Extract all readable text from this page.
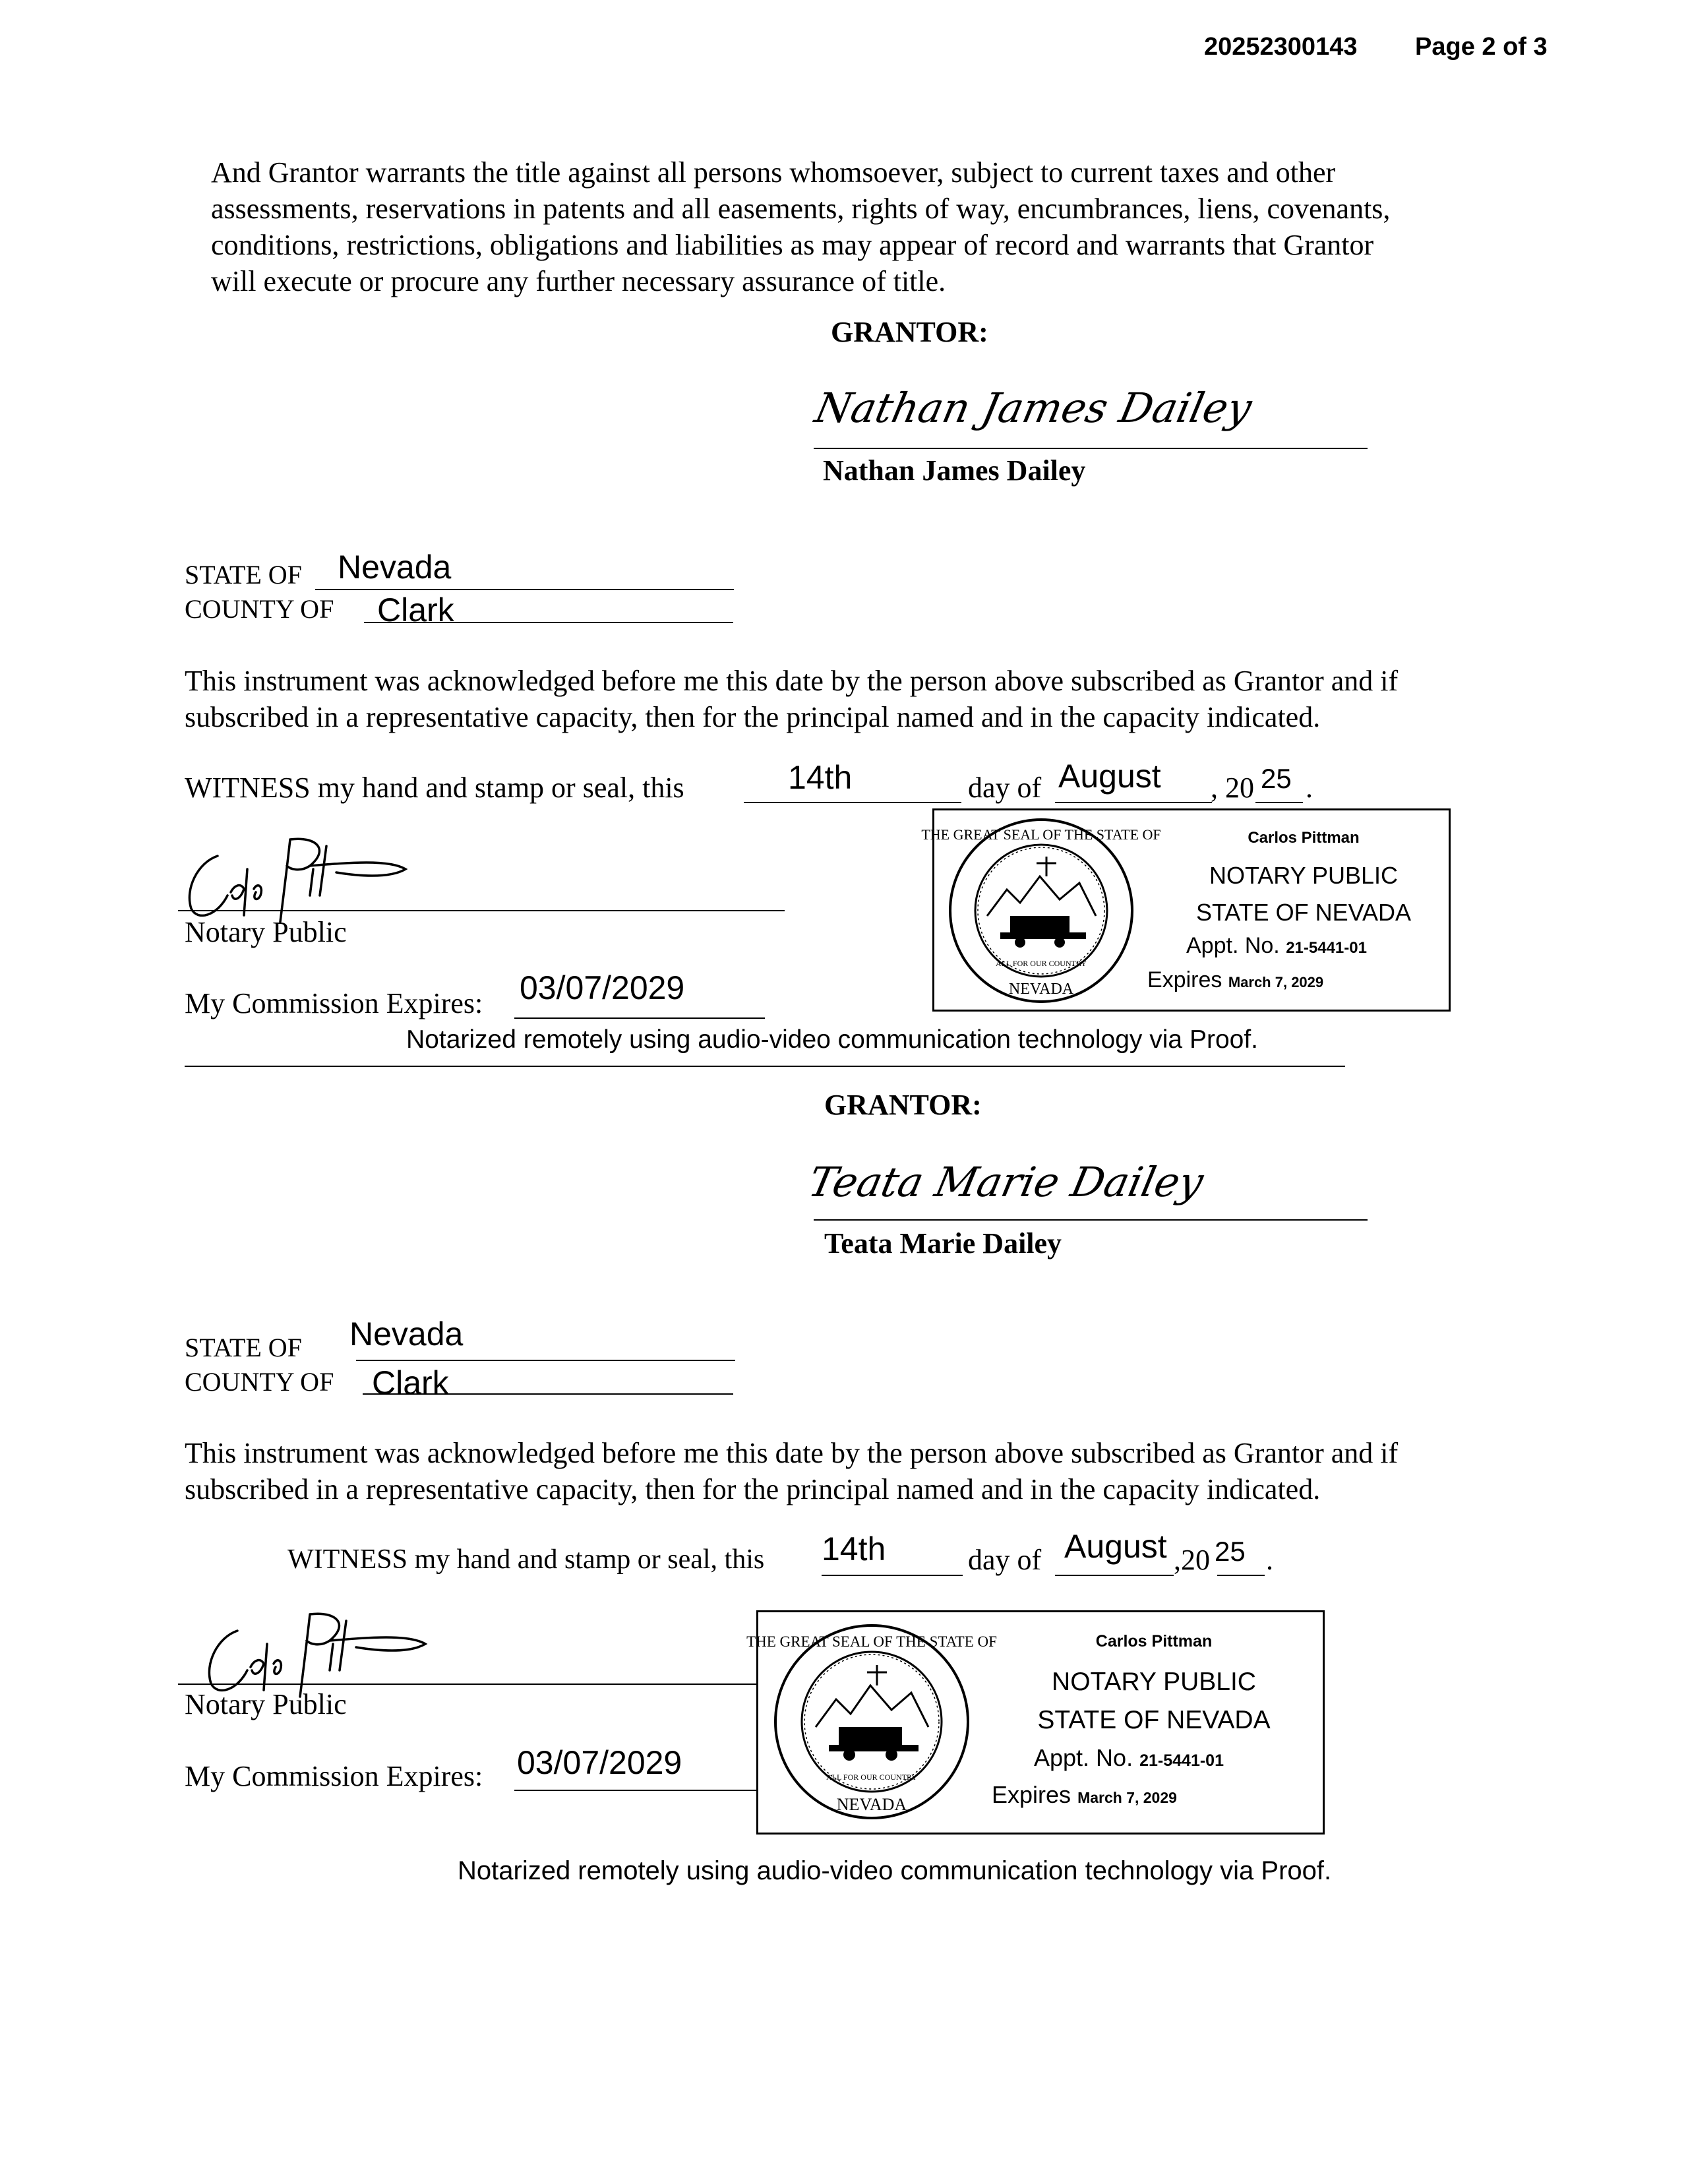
20252300143 Page 2 of 3
And Grantor warrants the title against all persons whomsoever, subject to current taxes and other
assessments, reservations in patents and all easements, rights of way, encumbrances, liens, covenants,
conditions, restrictions, obligations and liabilities as may appear of record and warrants that Grantor
will execute or procure any further necessary assurance of title.
GRANTOR:
Nathan James Dailey
Nathan James Dailey
STATE OF Nevada
COUNTY OF Clark
This instrument was acknowledged before me this date by the person above subscribed as Grantor and if
subscribed in a representative capacity, then for the principal named and in the capacity indicated.
WITNESS my hand and stamp or seal, this	14th	day of August , 20 25 .
Carlo Pittman
Notary Public
My Commission Expires: 03/07/2029
THE GREAT SEAL OF THE STATE OF
NEVADA
ALL FOR OUR COUNTRY
Carlos Pittman
NOTARY PUBLIC
STATE OF NEVADA
Appt. No. 21-5441-01
Expires March 7, 2029
Notarized remotely using audio-video communication technology via Proof.
GRANTOR:
Teata Marie Dailey
Teata Marie Dailey
STATE OF Nevada
COUNTY OF Clark
This instrument was acknowledged before me this date by the person above subscribed as Grantor and if
subscribed in a representative capacity, then for the principal named and in the capacity indicated.
WITNESS my hand and stamp or seal, this 14th	day of August ,20 25 .
Carlo Pittman
Notary Public
My Commission Expires: 03/07/2029
THE GREAT SEAL OF THE STATE OF
NEVADA
ALL FOR OUR COUNTRY
Carlos Pittman
NOTARY PUBLIC
STATE OF NEVADA
Appt. No. 21-5441-01
Expires March 7, 2029
Notarized remotely using audio-video communication technology via Proof.
